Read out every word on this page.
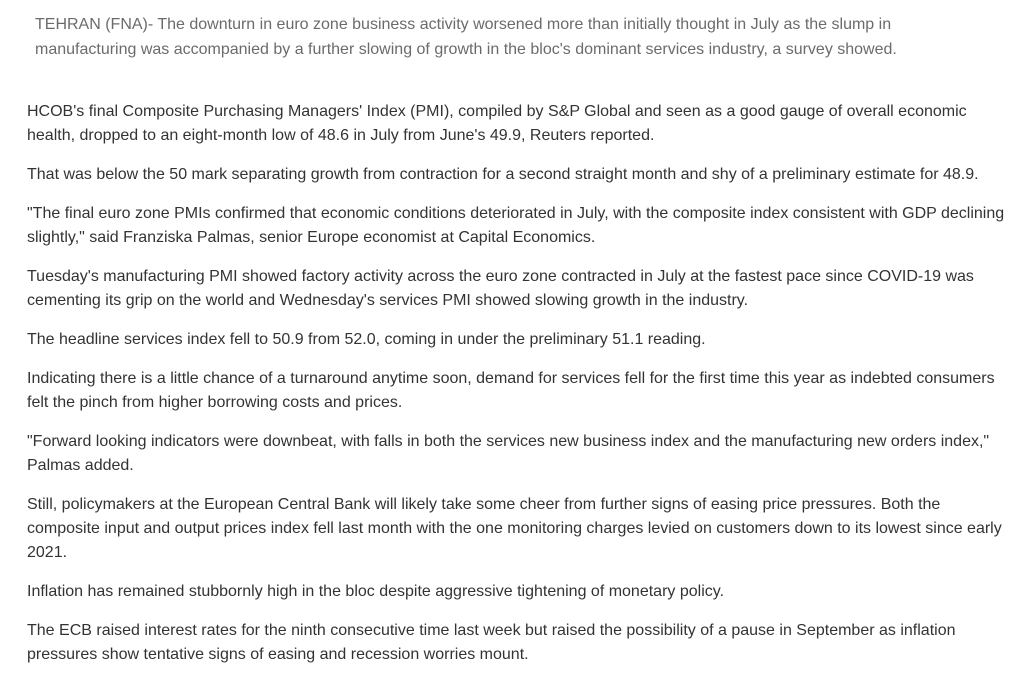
TEHRAN (FNA)- The downturn in euro zone business activity worsened more than initially thought in July as the slump in manufacturing was accompanied by a further slowing of growth in the bloc's dominant services industry, a survey showed.

HCOB's final Composite Purchasing Managers' Index (PMI), compiled by S&P Global and seen as a good gauge of overall economic health, dropped to an eight-month low of 48.6 in July from June's 49.9, Reuters reported.

That was below the 50 mark separating growth from contraction for a second straight month and shy of a preliminary estimate for 48.9.

"The final euro zone PMIs confirmed that economic conditions deteriorated in July, with the composite index consistent with GDP declining slightly," said Franziska Palmas, senior Europe economist at Capital Economics.

Tuesday's manufacturing PMI showed factory activity across the euro zone contracted in July at the fastest pace since COVID-19 was cementing its grip on the world and Wednesday's services PMI showed slowing growth in the industry.

The headline services index fell to 50.9 from 52.0, coming in under the preliminary 51.1 reading.

Indicating there is a little chance of a turnaround anytime soon, demand for services fell for the first time this year as indebted consumers felt the pinch from higher borrowing costs and prices.

"Forward looking indicators were downbeat, with falls in both the services new business index and the manufacturing new orders index," Palmas added.

Still, policymakers at the European Central Bank will likely take some cheer from further signs of easing price pressures. Both the composite input and output prices index fell last month with the one monitoring charges levied on customers down to its lowest since early 2021.

Inflation has remained stubbornly high in the bloc despite aggressive tightening of monetary policy.

The ECB raised interest rates for the ninth consecutive time last week but raised the possibility of a pause in September as inflation pressures show tentative signs of easing and recession worries mount.
